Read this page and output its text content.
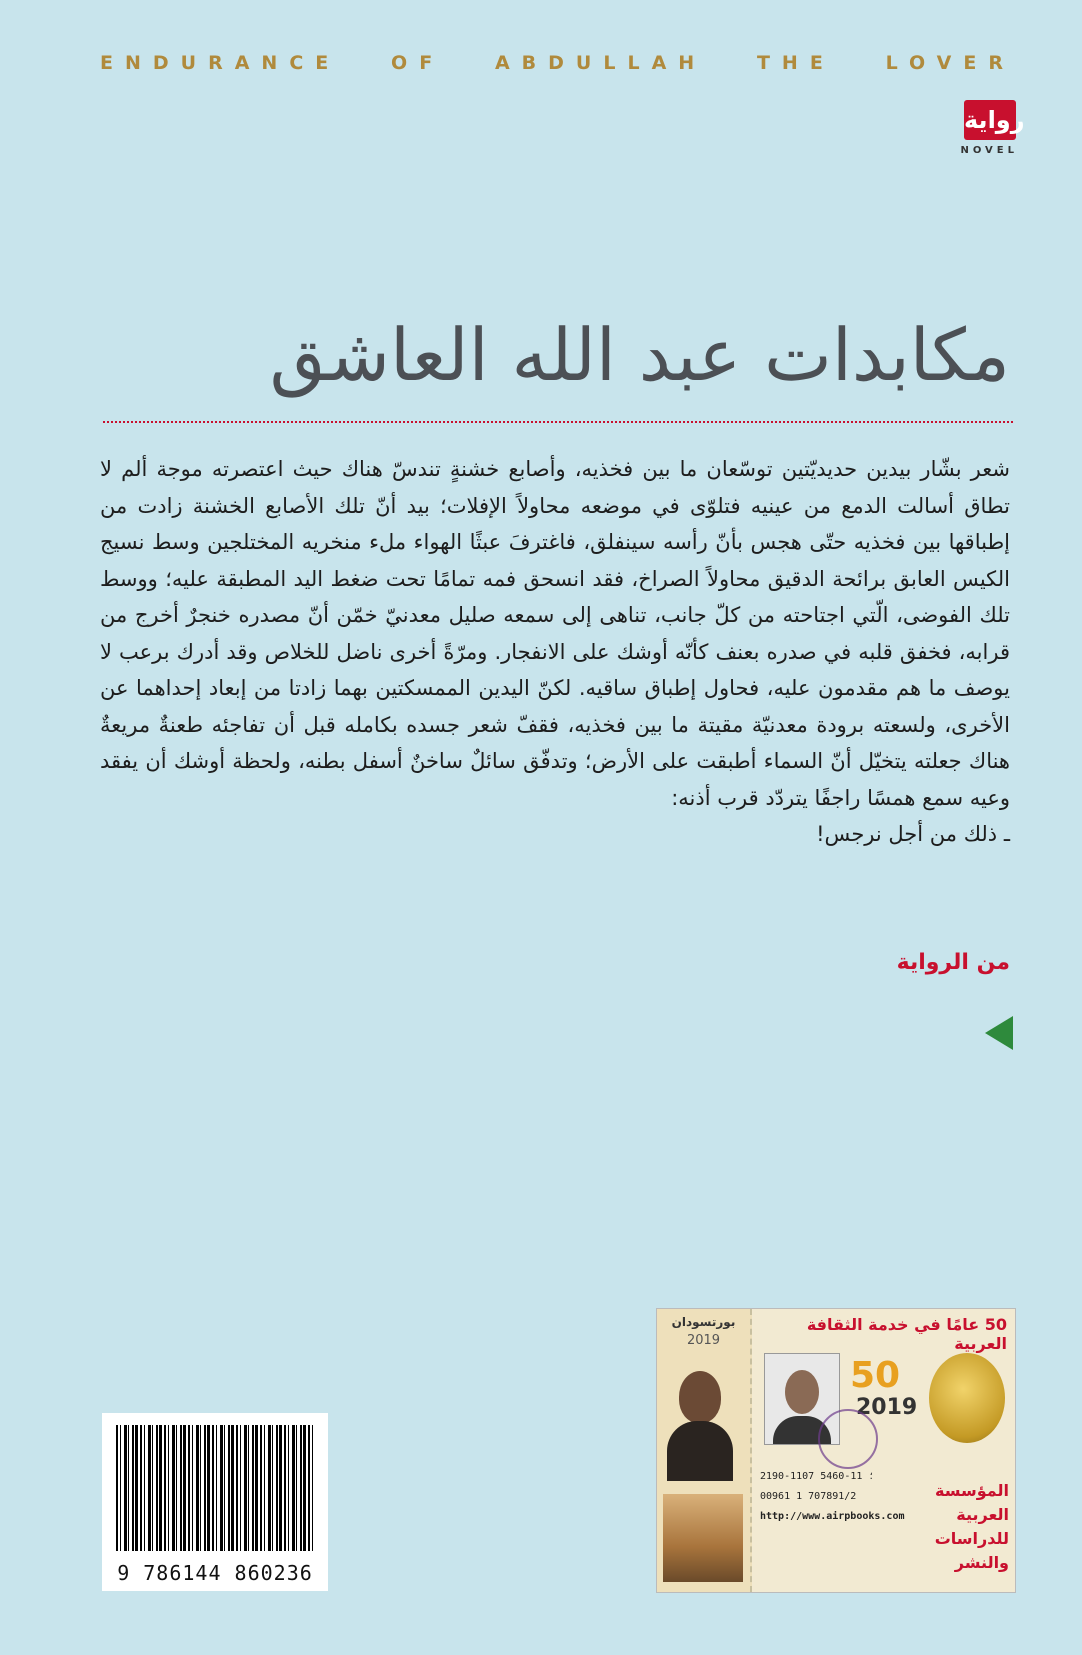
ENDURANCE OF ABDULLAH THE LOVER
رواية
NOVEL
مكابدات عبد الله العاشق

شعر بشّار بيدين حديديّتين توسّعان ما بين فخذيه، وأصابع خشنةٍ تندسّ هناك حيث اعتصرته موجة ألم لا تطاق أسالت الدمع من عينيه فتلوّى في موضعه محاولاً الإفلات؛ بيد أنّ تلك الأصابع الخشنة زادت من إطباقها بين فخذيه حتّى هجس بأنّ رأسه سينفلق، فاغترفَ عبثًا الهواء ملء منخريه المختلجين وسط نسيج الكيس العابق برائحة الدقيق محاولاً الصراخ، فقد انسحق فمه تمامًا تحت ضغط اليد المطبقة عليه؛ ووسط تلك الفوضى، الّتي اجتاحته من كلّ جانب، تناهى إلى سمعه صليل معدنيّ خمّن أنّ مصدره خنجرٌ أخرج من قرابه، فخفق قلبه في صدره بعنف كأنّه أوشك على الانفجار. ومرّةً أخرى ناضل للخلاص وقد أدرك برعب لا يوصف ما هم مقدمون عليه، فحاول إطباق ساقيه. لكنّ اليدين الممسكتين بهما زادتا من إبعاد إحداهما عن الأخرى، ولسعته برودة معدنيّة مقيتة ما بين فخذيه، فقفّ شعر جسده بكامله قبل أن تفاجئه طعنةٌ مريعةٌ هناك جعلته يتخيّل أنّ السماء أطبقت على الأرض؛ وتدفّق سائلٌ ساخنٌ أسفل بطنه، ولحظة أوشك أن يفقد وعيه سمع همسًا راجفًا يتردّد قرب أذنه:

ـ ذلك من أجل نرجس!

من الرواية
9 786144 860236
بورتسودان
2019
50 عامًا في خدمة الثقافة العربية
50
2019
2190-1107 ؛ 11-5460
00961 1 707891/2
http://www.airpbooks.com
المؤسسة العربية للدراسات والنشر
